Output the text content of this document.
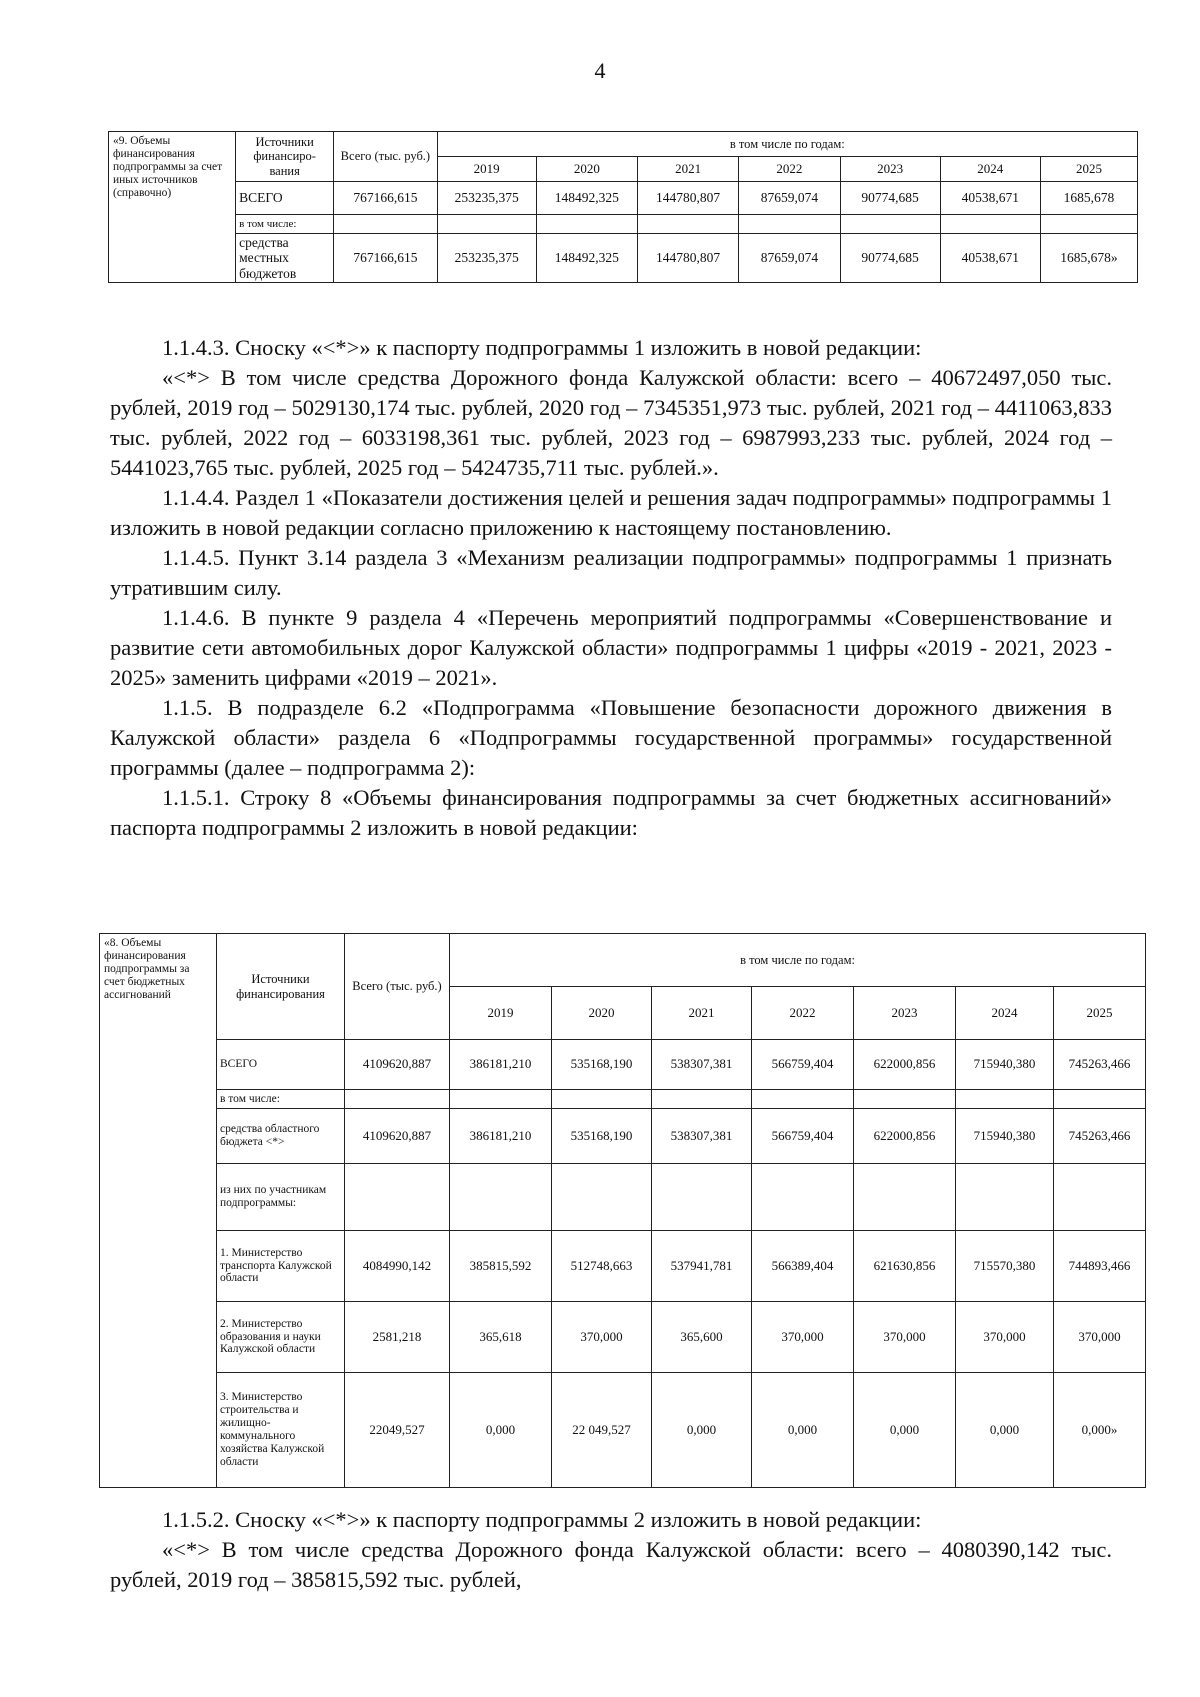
4
«9. Объемы финансирования подпрограммы за счет иных источников (справочно)	Источники финансиро-вания	Всего (тыс. руб.)	в том числе по годам:						
			2019	2020	2021	2022	2023	2024	2025
	ВСЕГО	767166,615	253235,375	148492,325	144780,807	87659,074	90774,685	40538,671	1685,678
	в том числе:								
	средства местных бюджетов	767166,615	253235,375	148492,325	144780,807	87659,074	90774,685	40538,671	1685,678»

1.1.4.3. Сноску «<*>» к паспорту подпрограммы 1 изложить в новой редакции:

«<*> В том числе средства Дорожного фонда Калужской области: всего – 40672497,050 тыс. рублей, 2019 год – 5029130,174 тыс. рублей, 2020 год – 7345351,973 тыс. рублей, 2021 год – 4411063,833 тыс. рублей, 2022 год – 6033198,361 тыс. рублей, 2023 год – 6987993,233 тыс. рублей, 2024 год – 5441023,765 тыс. рублей, 2025 год – 5424735,711 тыс. рублей.».

1.1.4.4. Раздел 1 «Показатели достижения целей и решения задач подпрограммы» подпрограммы 1 изложить в новой редакции согласно приложению к настоящему постановлению.

1.1.4.5. Пункт 3.14 раздела 3 «Механизм реализации подпрограммы» подпрограммы 1 признать утратившим силу.

1.1.4.6. В пункте 9 раздела 4 «Перечень мероприятий подпрограммы «Совершенствование и развитие сети автомобильных дорог Калужской области» подпрограммы 1 цифры «2019 - 2021, 2023 - 2025» заменить цифрами «2019 – 2021».

1.1.5. В подразделе 6.2 «Подпрограмма «Повышение безопасности дорожного движения в Калужской области» раздела 6 «Подпрограммы государственной программы» государственной программы (далее – подпрограмма 2):

1.1.5.1. Строку 8 «Объемы финансирования подпрограммы за счет бюджетных ассигнований» паспорта подпрограммы 2 изложить в новой редакции:

«8. Объемы финансирования подпрограммы за счет бюджетных ассигнований	Источники финансирования	Всего (тыс. руб.)	в том числе по годам:						
			2019	2020	2021	2022	2023	2024	2025
	ВСЕГО	4109620,887	386181,210	535168,190	538307,381	566759,404	622000,856	715940,380	745263,466
	в том числе:								
	средства областного бюджета <*>	4109620,887	386181,210	535168,190	538307,381	566759,404	622000,856	715940,380	745263,466
	из них по участникам подпрограммы:								
	1. Министерство транспорта Калужской области	4084990,142	385815,592	512748,663	537941,781	566389,404	621630,856	715570,380	744893,466
	2. Министерство образования и науки Калужской области	2581,218	365,618	370,000	365,600	370,000	370,000	370,000	370,000
	3. Министерство строительства и жилищно-коммунального хозяйства Калужской области	22049,527	0,000	22 049,527	0,000	0,000	0,000	0,000	0,000»

1.1.5.2. Сноску «<*>» к паспорту подпрограммы 2 изложить в новой редакции:

«<*> В том числе средства Дорожного фонда Калужской области: всего – 4080390,142 тыс. рублей, 2019 год – 385815,592 тыс. рублей,
